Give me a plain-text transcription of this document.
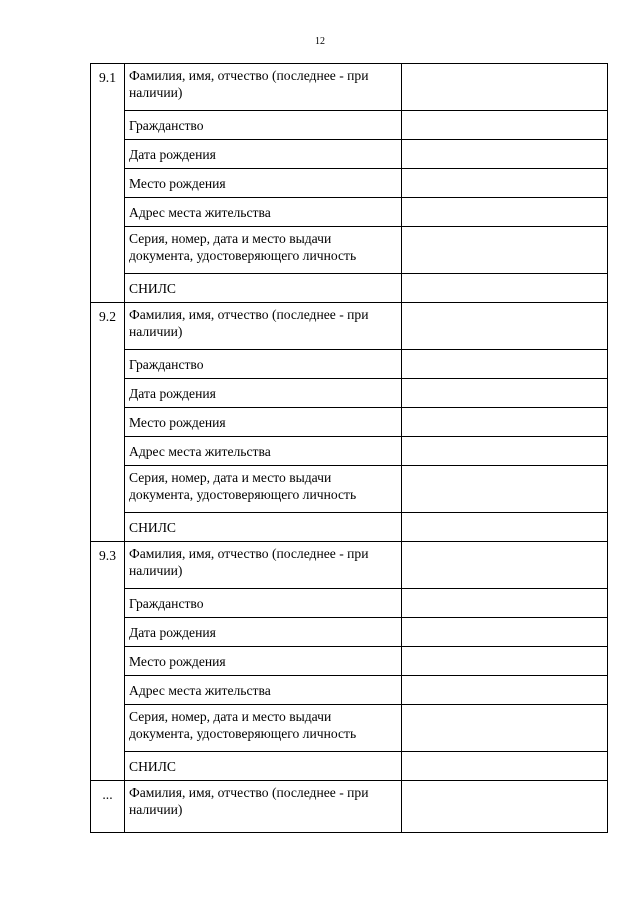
12
9.1	Фамилия, имя, отчество (последнее - при наличии)	
	Гражданство	
	Дата рождения	
	Место рождения	
	Адрес места жительства	
	Серия, номер, дата и место выдачи документа, удостоверяющего личность	
	СНИЛС	
9.2	Фамилия, имя, отчество (последнее - при наличии)	
	Гражданство	
	Дата рождения	
	Место рождения	
	Адрес места жительства	
	Серия, номер, дата и место выдачи документа, удостоверяющего личность	
	СНИЛС	
9.3	Фамилия, имя, отчество (последнее - при наличии)	
	Гражданство	
	Дата рождения	
	Место рождения	
	Адрес места жительства	
	Серия, номер, дата и место выдачи документа, удостоверяющего личность	
	СНИЛС	
...	Фамилия, имя, отчество (последнее - при наличии)	
